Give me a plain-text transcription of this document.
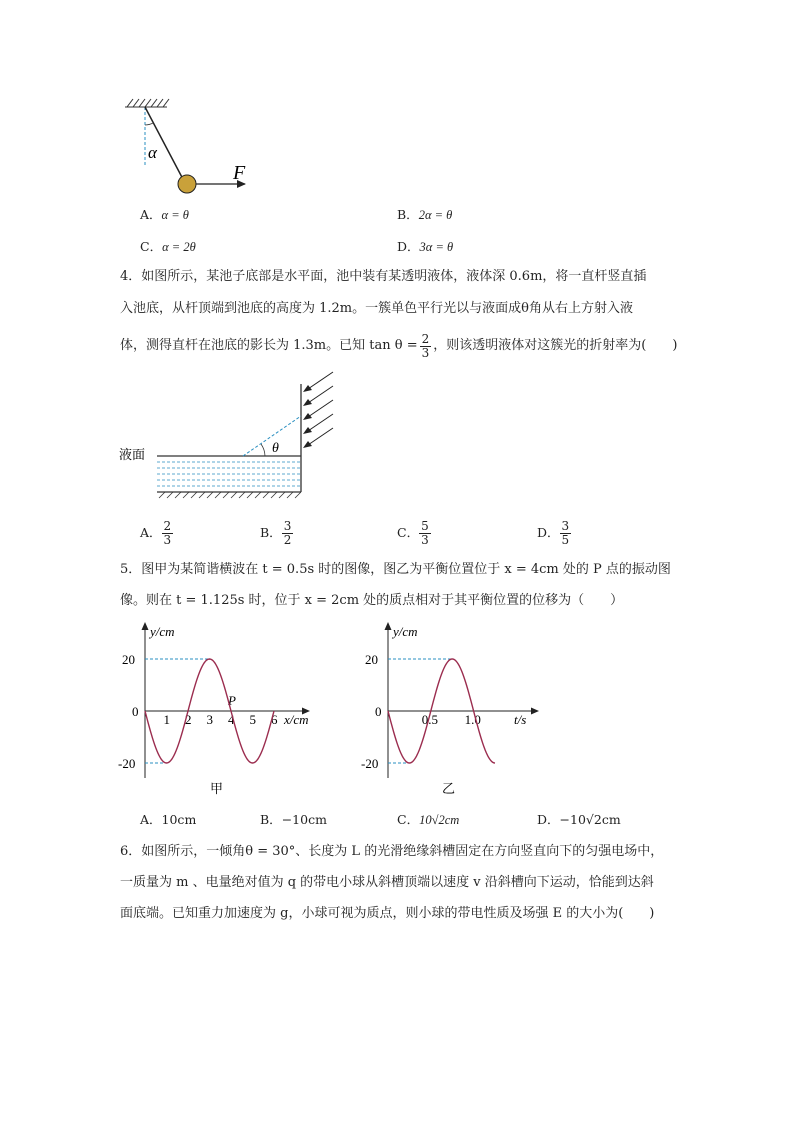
α
F
A．α = θ	B．2α = θ
C．α = 2θ	D．3α = θ
4．如图所示，某池子底部是水平面，池中装有某透明液体，液体深 0.6m，将一直杆竖直插
入池底，从杆顶端到池底的高度为 1.2m。一簇单色平行光以与液面成θ角从右上方射入液
体，测得直杆在池底的影长为 1.3m。已知 $\tan \theta = \frac{2}{3}$ ，则该透明液体对这簇光的折射率为(　　)
液面	θ
A． $\frac{2}{3}$	B． $\frac{3}{2}$	C． $\frac{5}{3}$	D． $\frac{3}{5}$
5．图甲为某简谐横波在 t = 0.5s 时的图像，图乙为平衡位置位于 x = 4cm 处的 P 点的振动图
像。则在 t = 1.125s 时，位于 x = 2cm 处的质点相对于其平衡位置的位移为（　　）
y/cm
x/cm
20
0
-20
1 2 3 4 5 6
P
甲
y/cm
t/s
20
0
-20
0.5 1.0
乙
A．10cm	B．−10cm	C．10√2cm	D．−10√2cm
6．如图所示，一倾角θ = 30°、长度为 L 的光滑绝缘斜槽固定在方向竖直向下的匀强电场中，
一质量为 m 、电量绝对值为 q 的带电小球从斜槽顶端以速度 v 沿斜槽向下运动，恰能到达斜
面底端。已知重力加速度为 g，小球可视为质点，则小球的带电性质及场强 E 的大小为(　　)
